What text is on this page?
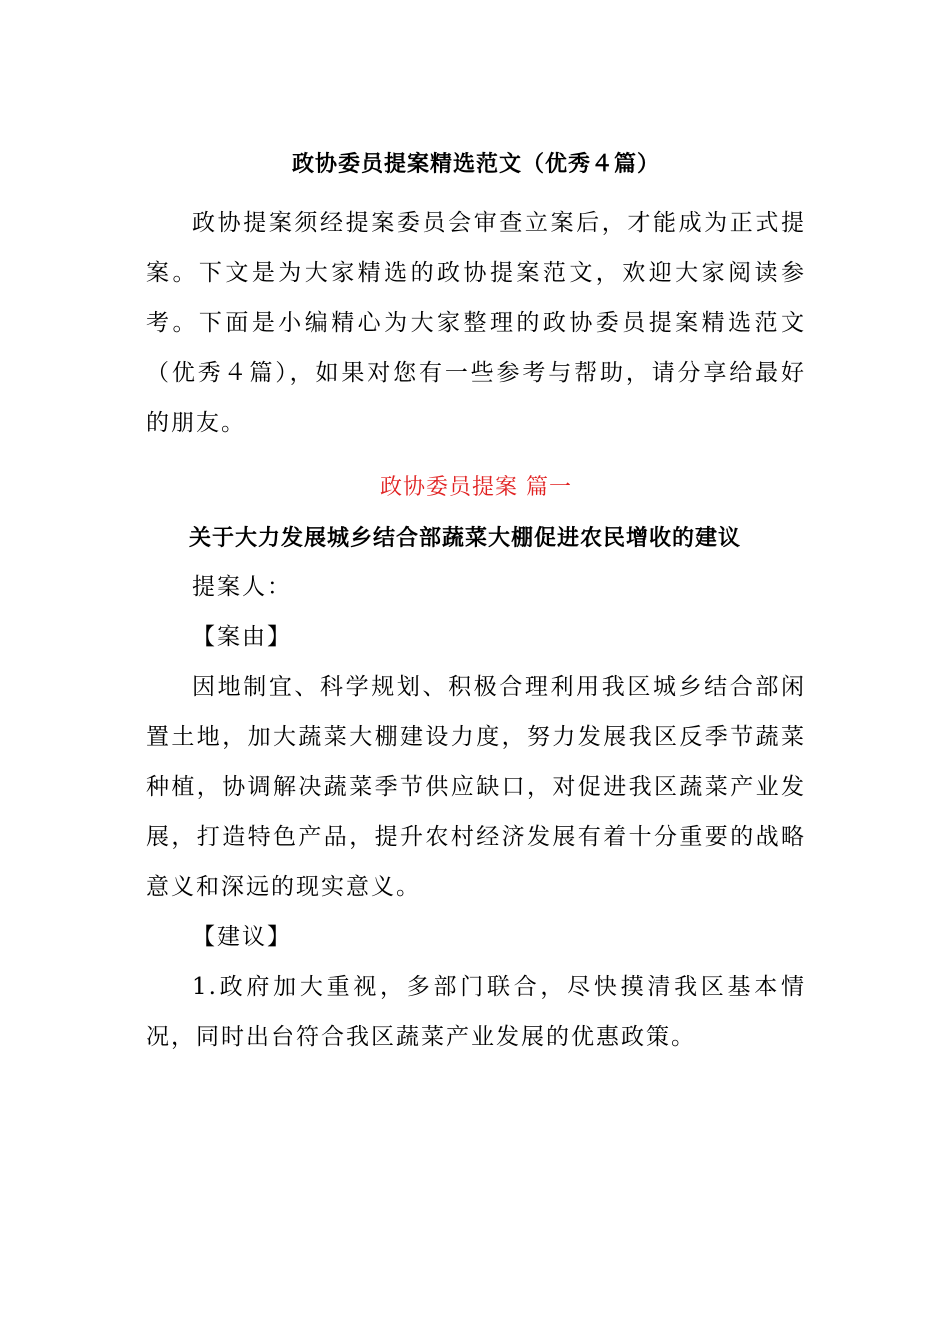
政协委员提案精选范文（优秀４篇）

政协提案须经提案委员会审查立案后，才能成为正式提案。下文是为大家精选的政协提案范文，欢迎大家阅读参考。下面是小编精心为大家整理的政协委员提案精选范文（优秀４篇），如果对您有一些参考与帮助，请分享给最好的朋友。

政协委员提案 篇一
关于大力发展城乡结合部蔬菜大棚促进农民增收的建议

提案人：

【案由】

因地制宜、科学规划、积极合理利用我区城乡结合部闲置土地，加大蔬菜大棚建设力度，努力发展我区反季节蔬菜种植，协调解决蔬菜季节供应缺口，对促进我区蔬菜产业发展，打造特色产品，提升农村经济发展有着十分重要的战略意义和深远的现实意义。

【建议】

1.政府加大重视，多部门联合，尽快摸清我区基本情况，同时出台符合我区蔬菜产业发展的优惠政策。
